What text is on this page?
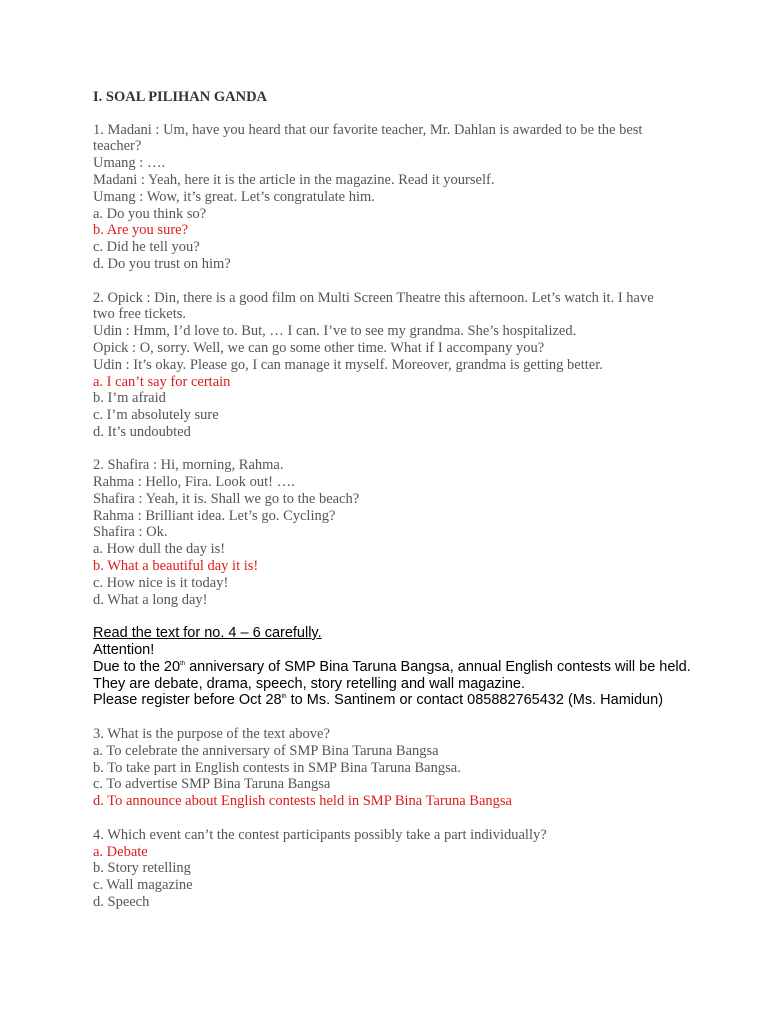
I. SOAL PILIHAN GANDA
1. Madani : Um, have you heard that our favorite teacher, Mr. Dahlan is awarded to be the best teacher?
Umang : ….
Madani : Yeah, here it is the article in the magazine. Read it yourself.
Umang : Wow, it’s great. Let’s congratulate him.
a. Do you think so?
b. Are you sure?
c. Did he tell you?
d. Do you trust on him?
2. Opick : Din, there is a good film on Multi Screen Theatre this afternoon. Let’s watch it. I have two free tickets.
Udin : Hmm, I’d love to. But, … I can. I’ve to see my grandma. She’s hospitalized.
Opick : O, sorry. Well, we can go some other time. What if I accompany you?
Udin : It’s okay. Please go, I can manage it myself. Moreover, grandma is getting better.
a. I can’t say for certain
b. I’m afraid
c. I’m absolutely sure
d. It’s undoubted
2. Shafira : Hi, morning, Rahma.
Rahma : Hello, Fira. Look out! ….
Shafira : Yeah, it is. Shall we go to the beach?
Rahma : Brilliant idea. Let’s go. Cycling?
Shafira : Ok.
a. How dull the day is!
b. What a beautiful day it is!
c. How nice is it today!
d. What a long day!
Read the text for no. 4 – 6 carefully.
Attention!
Due to the 20th anniversary of SMP Bina Taruna Bangsa, annual English contests will be held.
They are debate, drama, speech, story retelling and wall magazine.
Please register before Oct 28th to Ms. Santinem or contact 085882765432 (Ms. Hamidun)
3. What is the purpose of the text above?
a. To celebrate the anniversary of SMP Bina Taruna Bangsa
b. To take part in English contests in SMP Bina Taruna Bangsa.
c. To advertise SMP Bina Taruna Bangsa
d. To announce about English contests held in SMP Bina Taruna Bangsa
4. Which event can’t the contest participants possibly take a part individually?
a. Debate
b. Story retelling
c. Wall magazine
d. Speech
